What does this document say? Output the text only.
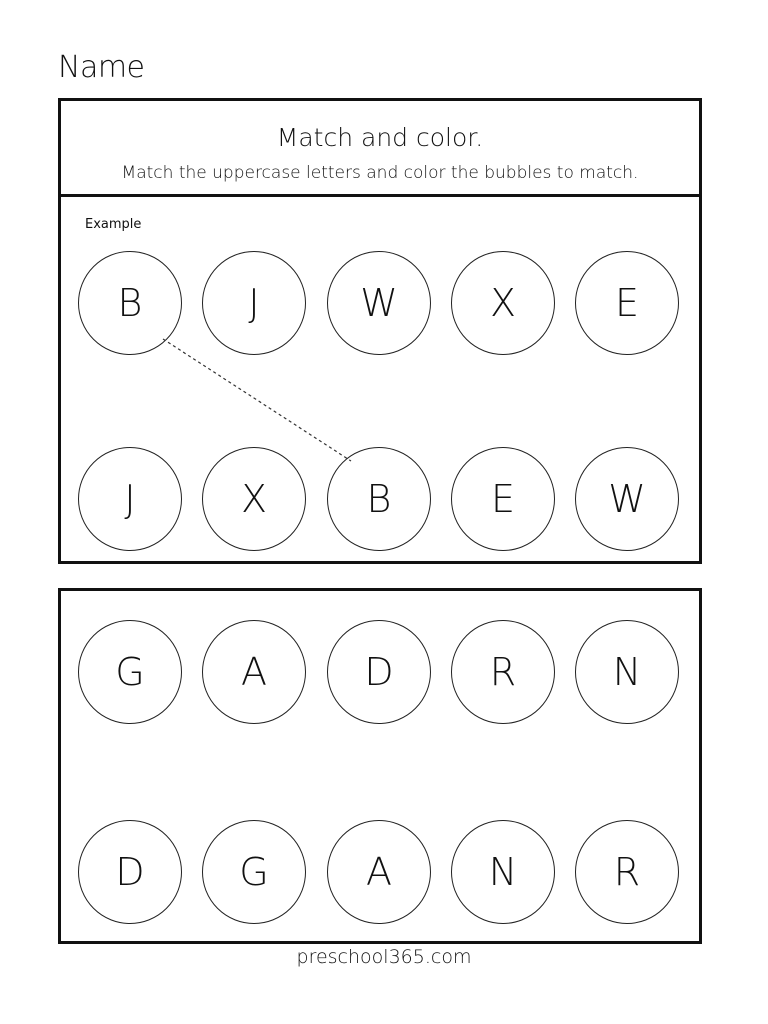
Name
Match and color.
Match the uppercase letters and color the bubbles to match.
Example
B	J	W	X	E
J	X	B	E	W
G	A	D	R	N
D	G	A	N	R
preschool365.com
